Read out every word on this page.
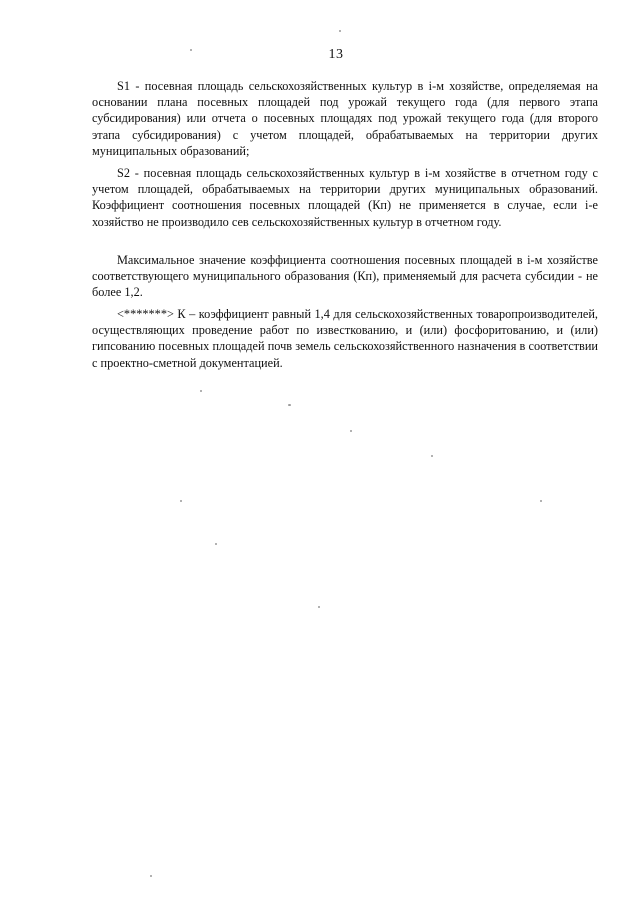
13

S1 - посевная площадь сельскохозяйственных культур в i-м хозяйстве, определяемая на основании плана посевных площадей под урожай текущего года (для первого этапа субсидирования) или отчета о посевных площадях под урожай текущего года (для второго этапа субсидирования) с учетом площадей, обрабатываемых на территории других муниципальных образований;

S2 - посевная площадь сельскохозяйственных культур в i-м хозяйстве в отчетном году с учетом площадей, обрабатываемых на территории других муниципальных образований. Коэффициент соотношения посевных площадей (Кп) не применяется в случае, если i-е хозяйство не производило сев сельскохозяйственных культур в отчетном году.

Максимальное значение коэффициента соотношения посевных площадей в i-м хозяйстве соответствующего муниципального образования (Кп), применяемый для расчета субсидии - не более 1,2.

<*******> К – коэффициент равный 1,4 для сельскохозяйственных товаропроизводителей, осуществляющих проведение работ по известкованию, и (или) фосфоритованию, и (или) гипсованию посевных площадей почв земель сельскохозяйственного назначения в соответствии с проектно-сметной документацией.
